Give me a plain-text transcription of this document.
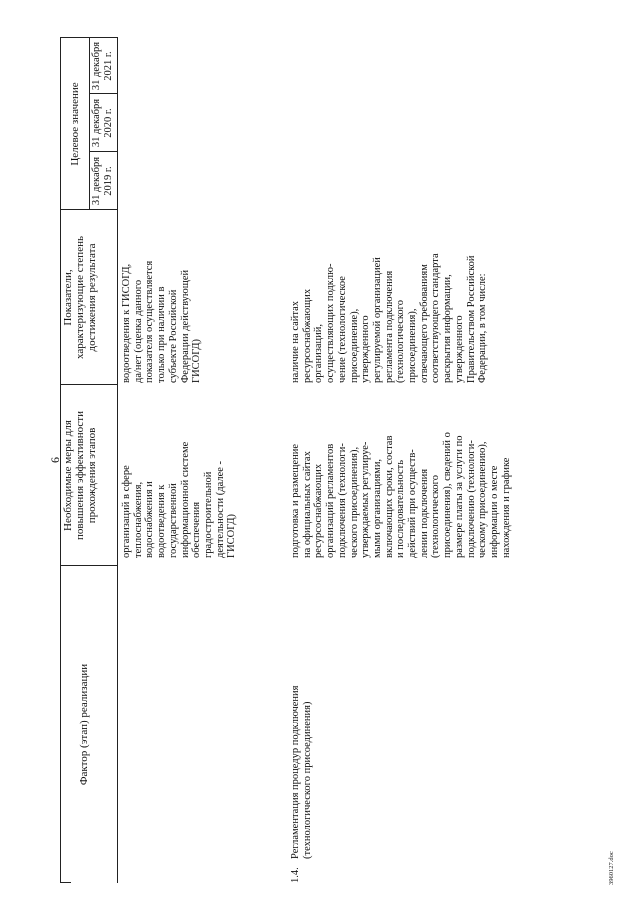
6
Фактор (этап) реализации
Необходимые меры для
повышения эффективности
прохождения этапов
Показатели,
характеризующие степень
достижения результата
Целевое значение
31 декабря
2019 г.
31 декабря
2020 г.
31 декабря
2021 г.
организаций в сфере
теплоснабжения,
водоснабжения и
водоотведения к
государственной
информационной системе
обеспечения
градостроительной
деятельности (далее -
ГИСОГД)
водоотведения к ГИСОГД,
да/нет (оценка данного
показателя осуществляется
только при наличии в
субъекте Российской
Федерации действующей
ГИСОГД)
1.4.
Регламентация процедур подключения
(технологического присоединения)
подготовка и размещение
на официальных сайтах
ресурсоснабжающих
организаций регламентов
подключения (технологи-
ческого присоединения),
утверждаемых регулируе-
мыми организациями,
включающих сроки, состав
и последовательность
действий при осуществ-
лении подключения
(технологического
присоединения), сведений о
размере платы за услуги по
подключению (технологи-
ческому присоединению),
информации о месте
нахождения и графике
наличие на сайтах
ресурсоснабжающих
организаций,
осуществляющих подклю-
чение (технологическое
присоединение),
утвержденного
регулируемой организацией
регламента подключения
(технологического
присоединения),
отвечающего требованиям
соответствующего стандарта
раскрытия информации,
утвержденного
Правительством Российской
Федерации, в том числе:
3960127.doc
